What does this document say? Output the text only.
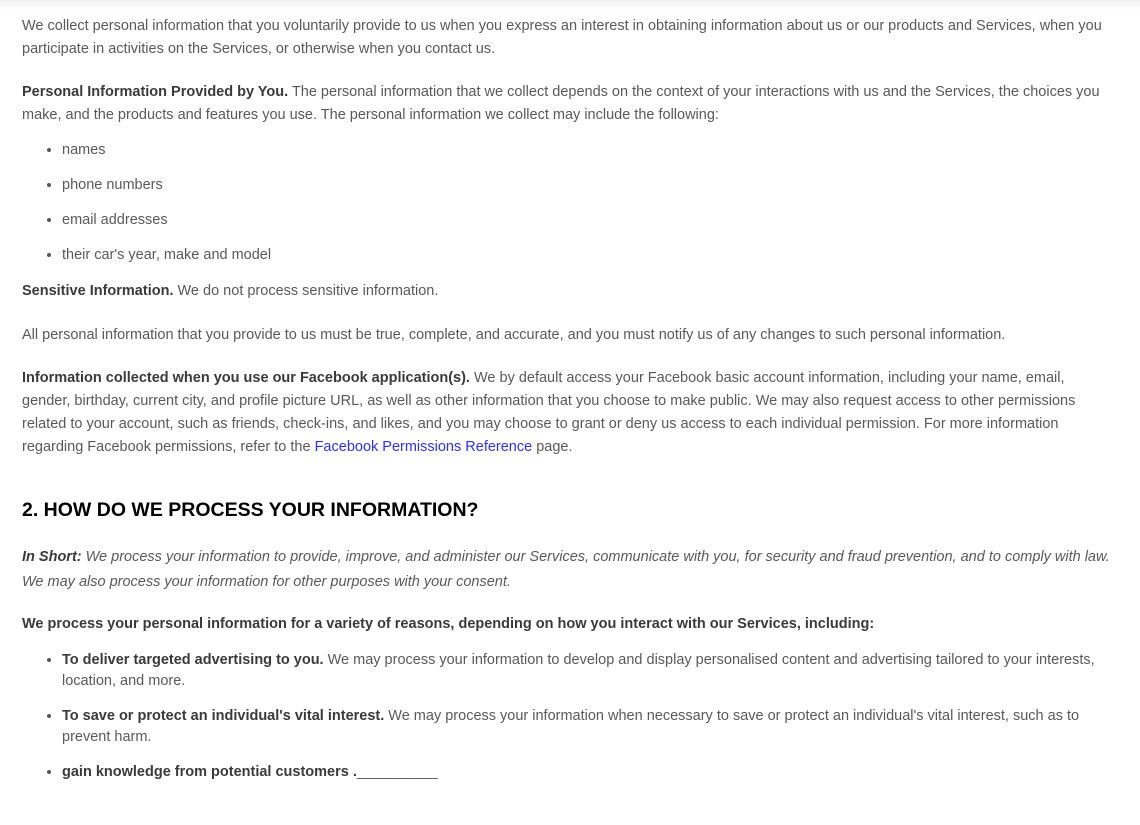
We collect personal information that you voluntarily provide to us when you express an interest in obtaining information about us or our products and Services, when you participate in activities on the Services, or otherwise when you contact us.

Personal Information Provided by You. The personal information that we collect depends on the context of your interactions with us and the Services, the choices you make, and the products and features you use. The personal information we collect may include the following:

• names
• phone numbers
• email addresses
• their car's year, make and model

Sensitive Information. We do not process sensitive information.

All personal information that you provide to us must be true, complete, and accurate, and you must notify us of any changes to such personal information.

Information collected when you use our Facebook application(s). We by default access your Facebook basic account information, including your name, email, gender, birthday, current city, and profile picture URL, as well as other information that you choose to make public. We may also request access to other permissions related to your account, such as friends, check-ins, and likes, and you may choose to grant or deny us access to each individual permission. For more information regarding Facebook permissions, refer to the Facebook Permissions Reference page.

2. HOW DO WE PROCESS YOUR INFORMATION?

In Short: We process your information to provide, improve, and administer our Services, communicate with you, for security and fraud prevention, and to comply with law. We may also process your information for other purposes with your consent.

We process your personal information for a variety of reasons, depending on how you interact with our Services, including:

• To deliver targeted advertising to you. We may process your information to develop and display personalised content and advertising tailored to your interests, location, and more.
• To save or protect an individual's vital interest. We may process your information when necessary to save or protect an individual's vital interest, such as to prevent harm.
• gain knowledge from potential customers .__________
